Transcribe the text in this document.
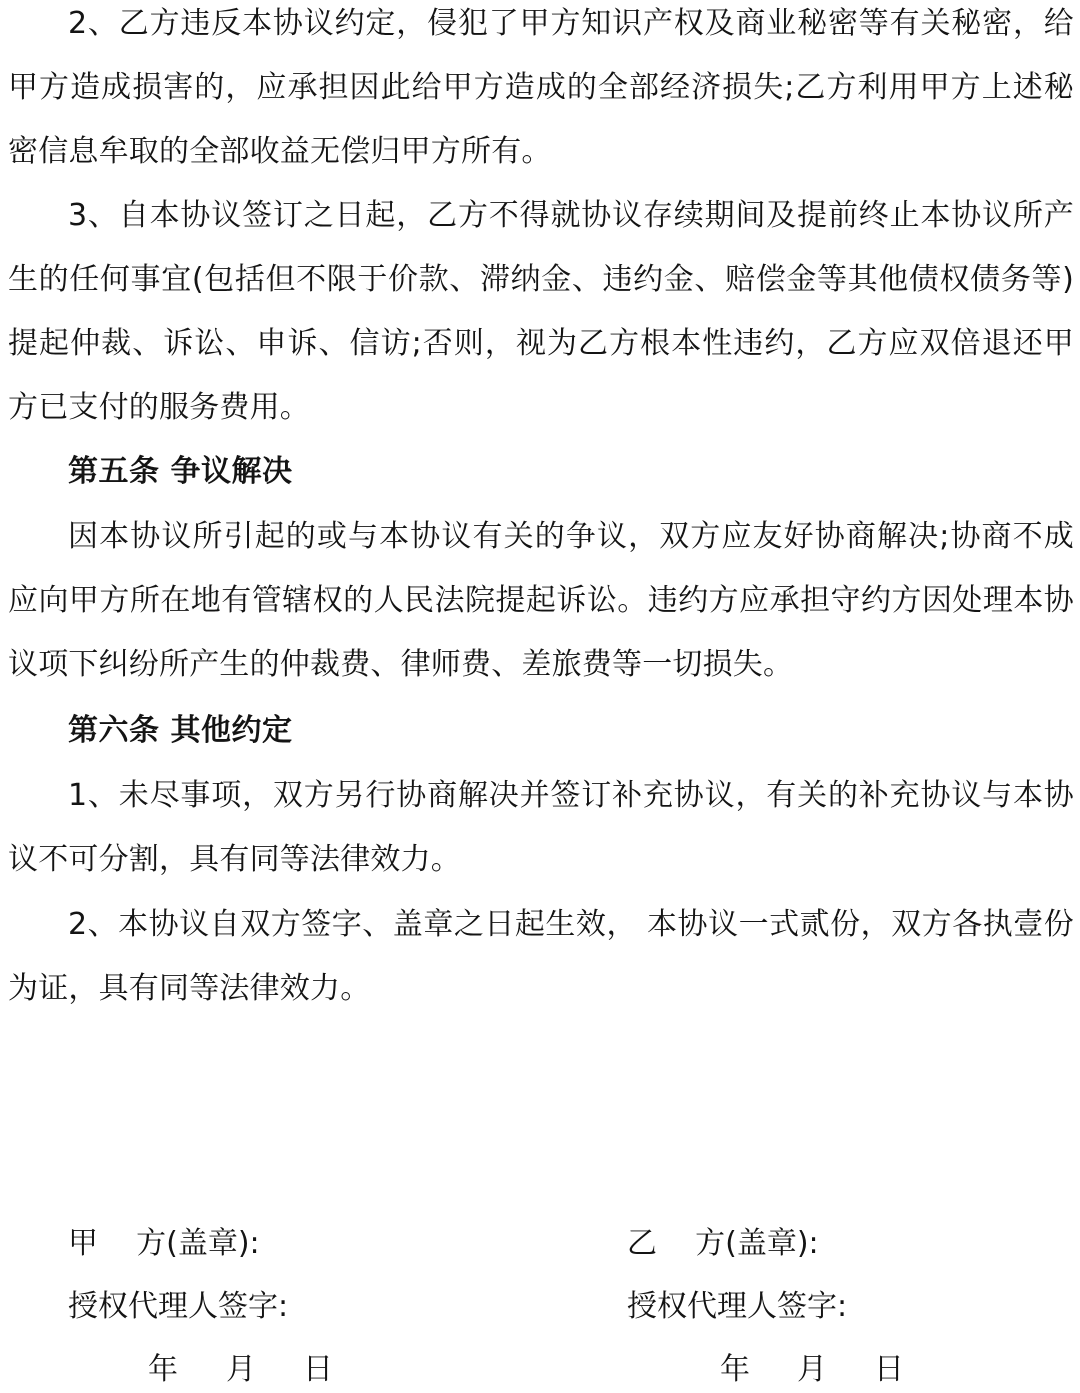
2、乙方违反本协议约定，侵犯了甲方知识产权及商业秘密等有关秘密，给甲方造成损害的，应承担因此给甲方造成的全部经济损失;乙方利用甲方上述秘密信息牟取的全部收益无偿归甲方所有。

3、自本协议签订之日起，乙方不得就协议存续期间及提前终止本协议所产生的任何事宜(包括但不限于价款、滞纳金、违约金、赔偿金等其他债权债务等)提起仲裁、诉讼、申诉、信访;否则，视为乙方根本性违约，乙方应双倍退还甲方已支付的服务费用。

第五条 争议解决

因本协议所引起的或与本协议有关的争议，双方应友好协商解决;协商不成应向甲方所在地有管辖权的人民法院提起诉讼。违约方应承担守约方因处理本协议项下纠纷所产生的仲裁费、律师费、差旅费等一切损失。

第六条 其他约定

1、未尽事项，双方另行协商解决并签订补充协议，有关的补充协议与本协议不可分割，具有同等法律效力。

2、本协议自双方签字、盖章之日起生效， 本协议一式贰份，双方各执壹份为证，具有同等法律效力。

甲    方(盖章):
授权代理人签字:
年 月 日
乙    方(盖章):
授权代理人签字:
年 月 日
